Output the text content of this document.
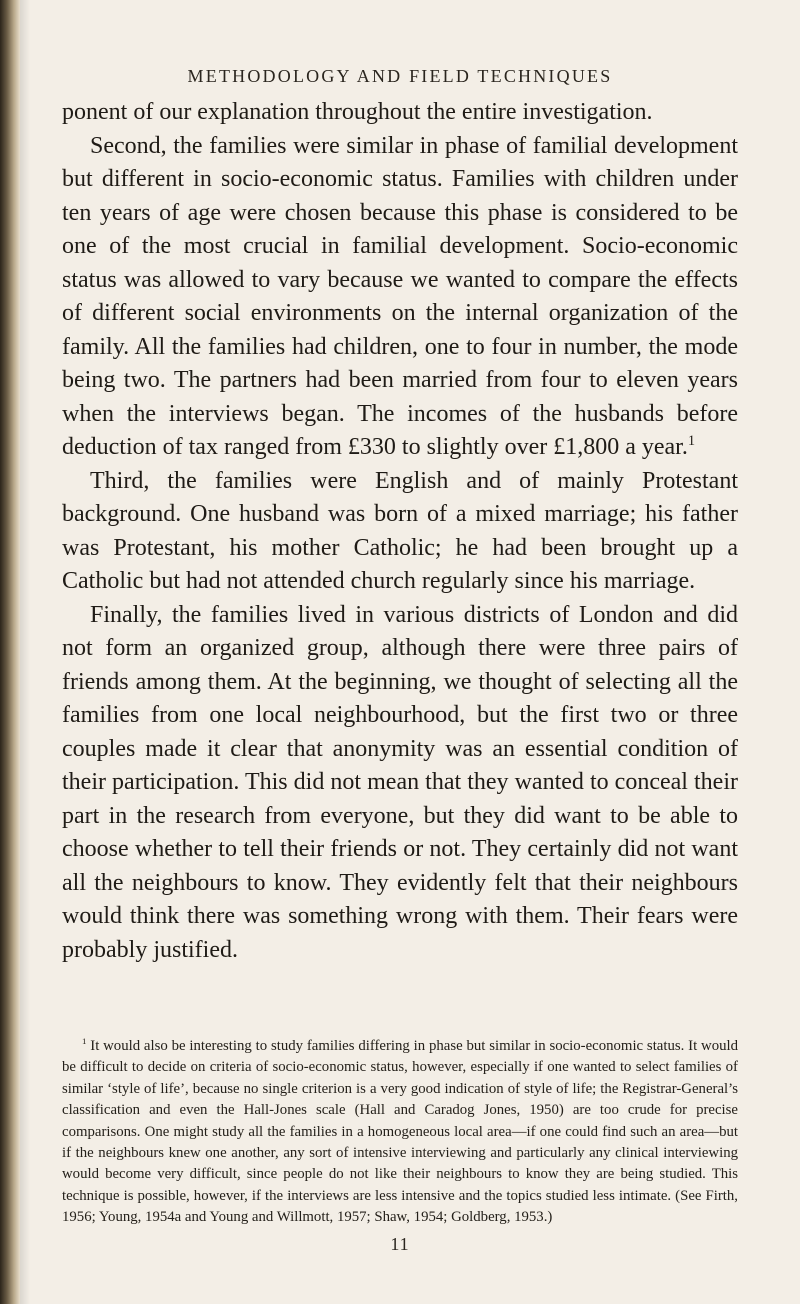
METHODOLOGY AND FIELD TECHNIQUES

ponent of our explanation throughout the entire investigation.

Second, the families were similar in phase of familial development but different in socio-economic status. Families with children under ten years of age were chosen because this phase is considered to be one of the most crucial in familial development. Socio-economic status was allowed to vary because we wanted to compare the effects of different social environments on the internal organization of the family. All the families had children, one to four in number, the mode being two. The partners had been married from four to eleven years when the interviews began. The incomes of the husbands before deduction of tax ranged from £330 to slightly over £1,800 a year.$^1$

Third, the families were English and of mainly Protestant background. One husband was born of a mixed marriage; his father was Protestant, his mother Catholic; he had been brought up a Catholic but had not attended church regularly since his marriage.

Finally, the families lived in various districts of London and did not form an organized group, although there were three pairs of friends among them. At the beginning, we thought of selecting all the families from one local neighbourhood, but the first two or three couples made it clear that anonymity was an essential condition of their participation. This did not mean that they wanted to conceal their part in the research from everyone, but they did want to be able to choose whether to tell their friends or not. They certainly did not want all the neighbours to know. They evidently felt that their neighbours would think there was something wrong with them. Their fears were probably justified.

$^1$ It would also be interesting to study families differing in phase but similar in socio-economic status. It would be difficult to decide on criteria of socio-economic status, however, especially if one wanted to select families of similar ‘style of life’, because no single criterion is a very good indication of style of life; the Registrar-General’s classification and even the Hall-Jones scale (Hall and Caradog Jones, 1950) are too crude for precise comparisons. One might study all the families in a homogeneous local area—if one could find such an area—but if the neighbours knew one another, any sort of intensive interviewing and particularly any clinical interviewing would become very difficult, since people do not like their neighbours to know they are being studied. This technique is possible, however, if the interviews are less intensive and the topics studied less intimate. (See Firth, 1956; Young, 1954a and Young and Willmott, 1957; Shaw, 1954; Goldberg, 1953.)

11
